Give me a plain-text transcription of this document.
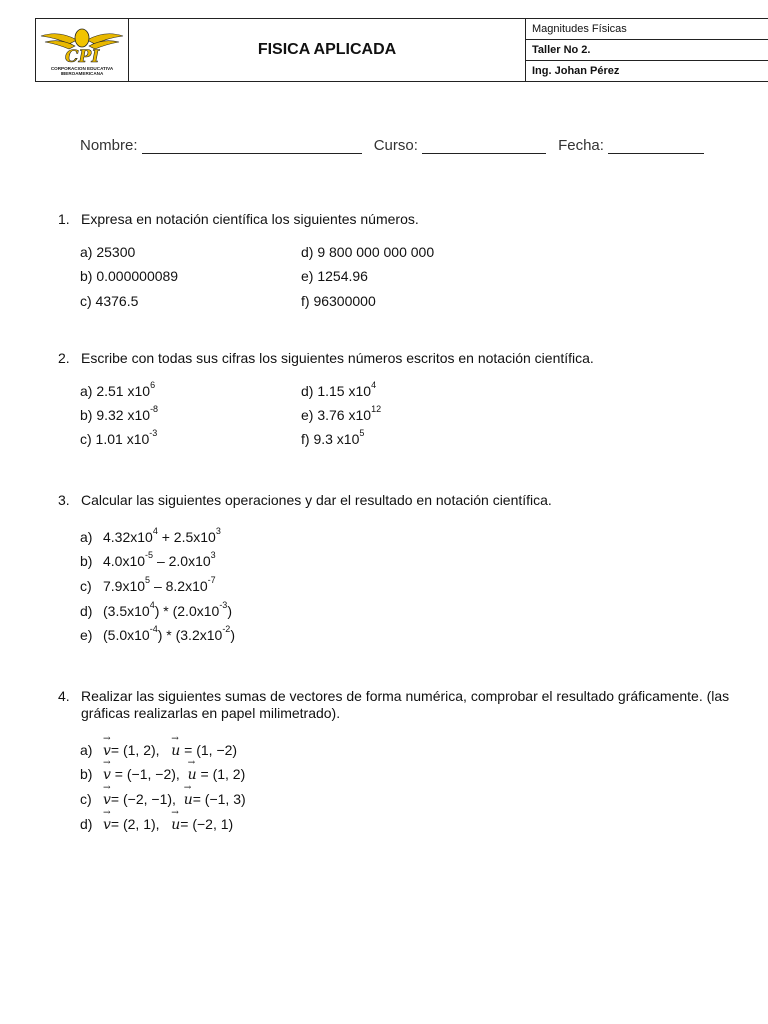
CPI
CORPORACION EDUCATIVA
IBEROAMERICANA
	FISICA APLICADA	Magnitudes Físicas
Taller No 2.
Ing. Johan Pérez
Nombre:	Curso:	Fecha:
1. Expresa en notación científica los siguientes números.
a) 25300
b) 0.000000089
c) 4376.5
d) 9 800 000 000 000
e) 1254.96
f) 96300000
2. Escribe con todas sus cifras los siguientes números escritos en notación científica.
a) 2.51 $x10^6$
b) 9.32 $x10^{-8}$
c) 1.01 $x10^{-3}$
d) 1.15 $x10^4$
e) 3.76 $x10^{12}$
f) 9.3 $x10^5$
3. Calcular las siguientes operaciones y dar el resultado en notación científica.
a) $4.32x10^4 + 2.5x10^3$
b) $4.0x10^{-5} - 2.0x10^3$
c) $7.9x10^5 - 8.2x10^{-7}$
d) $(3.5x10^4) * (2.0x10^{-3})$
e) $(5.0x10^{-4}) * (3.2x10^{-2})$
4. Realizar las siguientes sumas de vectores de forma numérica, comprobar el resultado gráficamente. (las gráficas realizarlas en papel milimetrado).
a) → v= (1, 2), → u = (1, −2)
b) → v = (−1, −2), → u = (1, 2)
c) → v= (−2, −1), → u= (−1, 3)
d) → v= (2, 1), → u= (−2, 1)
